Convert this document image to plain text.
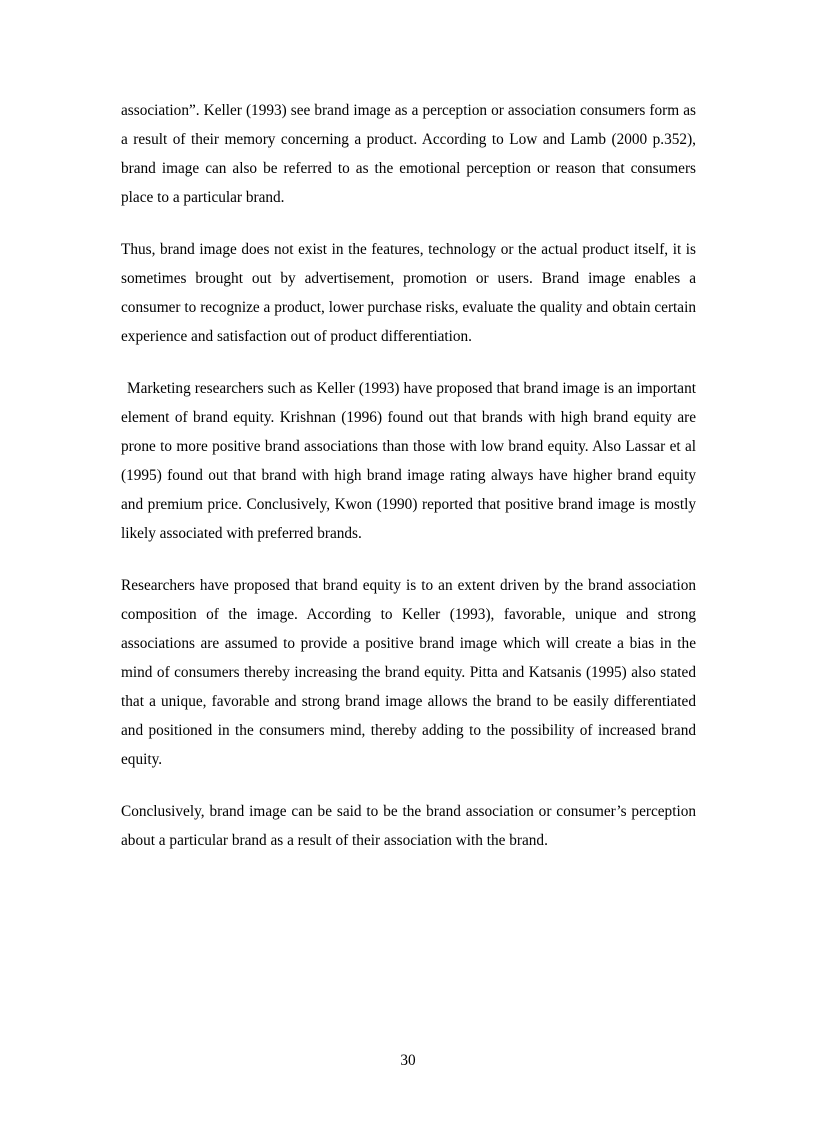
association”. Keller (1993) see brand image as a perception or association consumers form as a result of their memory concerning a product. According to Low and Lamb (2000 p.352), brand image can also be referred to as the emotional perception or reason that consumers place to a particular brand.

Thus, brand image does not exist in the features, technology or the actual product itself, it is sometimes brought out by advertisement, promotion or users. Brand image enables a consumer to recognize a product, lower purchase risks, evaluate the quality and obtain certain experience and satisfaction out of product differentiation.

Marketing researchers such as Keller (1993) have proposed that brand image is an important element of brand equity. Krishnan (1996) found out that brands with high brand equity are prone to more positive brand associations than those with low brand equity. Also Lassar et al (1995) found out that brand with high brand image rating always have higher brand equity and premium price. Conclusively, Kwon (1990) reported that positive brand image is mostly likely associated with preferred brands.

Researchers have proposed that brand equity is to an extent driven by the brand association composition of the image. According to Keller (1993), favorable, unique and strong associations are assumed to provide a positive brand image which will create a bias in the mind of consumers thereby increasing the brand equity. Pitta and Katsanis (1995) also stated that a unique, favorable and strong brand image allows the brand to be easily differentiated and positioned in the consumers mind, thereby adding to the possibility of increased brand equity.

Conclusively, brand image can be said to be the brand association or consumer’s perception about a particular brand as a result of their association with the brand.

30
